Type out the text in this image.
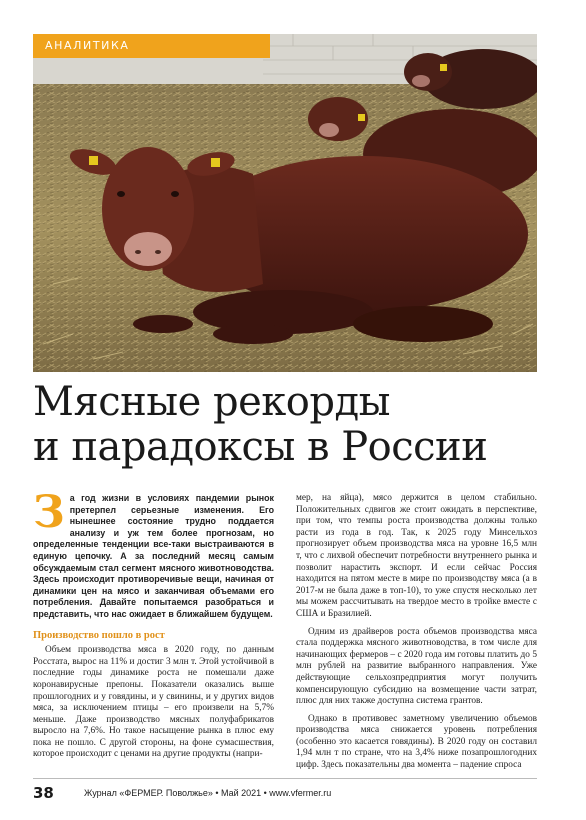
АНАЛИТИКА
Мясные рекорды
и парадоксы в России
За год жизни в условиях пандемии рынок претерпел серьезные изменения. Его нынешнее состояние трудно поддается анализу и уж тем более прогнозам, но определенные тенденции все-таки выстраиваются в единую цепочку. А за последний месяц самым обсуждаемым стал сегмент мясного животноводства. Здесь происходит противоречивые вещи, начиная от динамики цен на мясо и заканчивая объемами его потребления. Давайте попытаемся разобраться и представить, что нас ожидает в ближайшем будущем.
Производство пошло в рост

Объем производства мяса в 2020 году, по данным Росстата, вырос на 11% и достиг 3 млн т. Этой устойчивой в последние годы динамике роста не помешали даже коронавирусные препоны. Показатели оказались выше прошлогодних и у говядины, и у свинины, и у других видов мяса, за исключением птицы – его произвели на 5,7% меньше. Даже производство мясных полуфабрикатов выросло на 7,6%. Но такое насыщение рынка в плюс ему пока не пошло. С другой стороны, на фоне сумасшествия, которое происходит с ценами на другие продукты (напри-

мер, на яйца), мясо держится в целом стабильно. Положительных сдвигов же стоит ожидать в перспективе, при том, что темпы роста производства должны только расти из года в год. Так, к 2025 году Минсельхоз прогнозирует объем производства мяса на уровне 16,5 млн т, что с лихвой обеспечит потребности внутреннего рынка и позволит нарастить экспорт. И если сейчас Россия находится на пятом месте в мире по производству мяса (а в 2017-м не была даже в топ-10), то уже спустя несколько лет мы можем рассчитывать на твердое место в тройке вместе с США и Бразилией.

Одним из драйверов роста объемов производства мяса стала поддержка мясного животноводства, в том числе для начинающих фермеров – с 2020 года им готовы платить до 5 млн рублей на развитие выбранного направления. Уже действующие сельхозпредприятия могут получить компенсирующую субсидию на возмещение части затрат, плюс для них также доступна система грантов.

Однако в противовес заметному увеличению объемов производства мяса снижается уровень потребления (особенно это касается говядины). В 2020 году он составил 1,94 млн т по стране, что на 3,4% ниже позапрошлогодних цифр. Здесь показательны два момента – падение спроса

38	Журнал «ФЕРМЕР. Поволжье» • Май 2021 • www.vfermer.ru
